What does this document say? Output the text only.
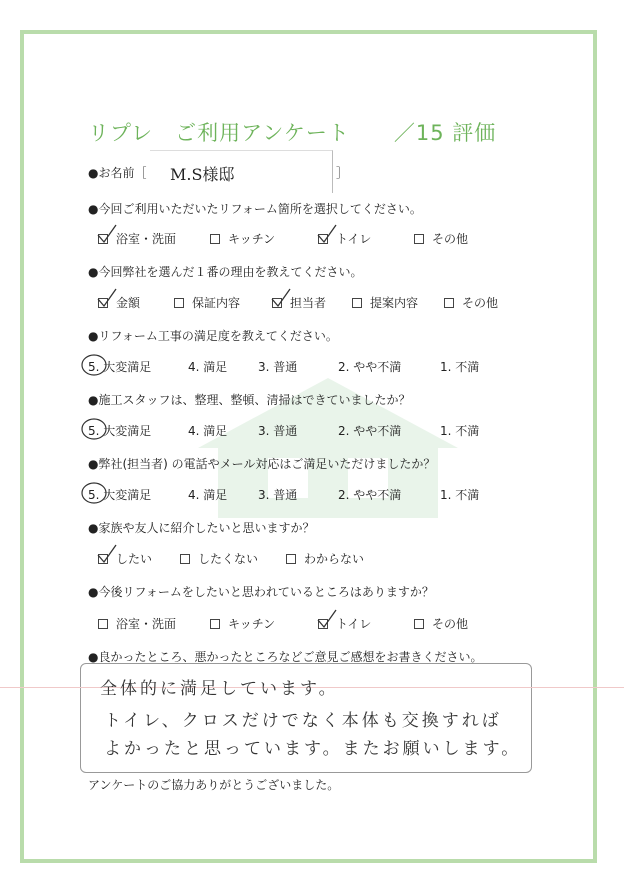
リプレ　ご利用アンケート　　／15 評価
●お名前［ M.S様邸	］
●今回ご利用いただいたリフォーム箇所を選択してください。
浴室・洗面	キッチン	トイレ	その他
●今回弊社を選んだ１番の理由を教えてください。
金額	保証内容	担当者	提案内容	その他
●リフォーム工事の満足度を教えてください。
5. 大変満足	4. 満足	3. 普通	2. やや不満	1. 不満
●施工スタッフは、整理、整頓、清掃はできていましたか？
5. 大変満足	4. 満足	3. 普通	2. やや不満	1. 不満
●弊社(担当者) の電話やメール対応はご満足いただけましたか？
5. 大変満足	4. 満足	3. 普通	2. やや不満	1. 不満
●家族や友人に紹介したいと思いますか？
したい	したくない	わからない
●今後リフォームをしたいと思われているところはありますか？
浴室・洗面	キッチン	トイレ	その他
●良かったところ、悪かったところなどご意見ご感想をお書きください。
全体的に満足しています。
トイレ、クロスだけでなく本体も交換すれば
よかったと思っています。またお願いします。
アンケートのご協力ありがとうございました。
